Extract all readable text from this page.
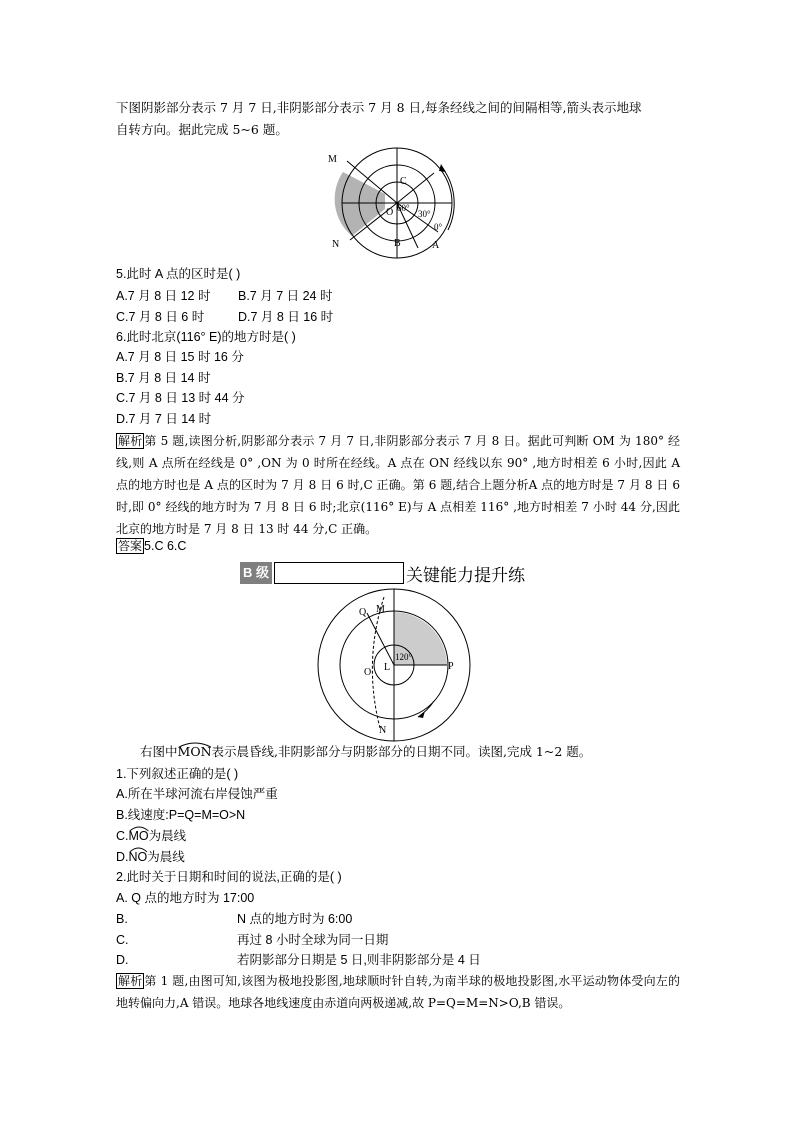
下图阴影部分表示 7 月 7 日,非阴影部分表示 7 月 8 日,每条经线之间的间隔相等,箭头表示地球
自转方向。据此完成 5~6 题。
M
N
C
O
B	A
60°
30°
0°
5.此时 A 点的区时是( )
A.7 月 8 日 12 时 B.7 月 7 日 24 时
C.7 月 8 日 6 时	D.7 月 8 日 16 时
6.此时北京(116° E)的地方时是( )
A.7 月 8 日 15 时 16 分
B.7 月 8 日 14 时
C.7 月 8 日 13 时 44 分
D.7 月 7 日 14 时
解析 第 5 题,读图分析,阴影部分表示 7 月 7 日,非阴影部分表示 7 月 8 日。据此可判断 OM 为 180° 经线,则 A 点所在经线是 0° ,ON 为 0 时所在经线。A 点在 ON 经线以东 90° ,地方时相差 6 小时,因此 A 点的地方时也是 A 点的区时为 7 月 8 日 6 时,C 正确。第 6 题,结合上题分析A 点的地方时是 7 月 8 日 6 时,即 0° 经线的地方时为 7 月 8 日 6 时;北京(116° E)与 A 点相差 116° ,地方时相差 7 小时 44 分,因此北京的地方时是 7 月 8 日 13 时 44 分,C 正确。
答案 5.C 6.C
B 级	关键能力提升练
Q M
O L	P
N
120°
右图中
MON表示晨昏线,非阴影部分与阴影部分的日期不同。读图,完成 1~2 题。
1.下列叙述正确的是( )
A.所在半球河流右岸侵蚀严重
B.线速度:P=Q=M=O>N
C.
MO为晨线
D.
NO为晨线
2.此时关于日期和时间的说法,正确的是( )
A. Q 点的地方时为 17:00
B.	N 点的地方时为 6:00
C.	再过 8 小时全球为同一日期
D.	若阴影部分日期是 5 日,则非阴影部分是 4 日
解析 第 1 题,由图可知,该图为极地投影图,地球顺时针自转,为南半球的极地投影图,水平运动物体受向左的地转偏向力,A 错误。地球各地线速度由赤道向两极递减,故 P=Q=M=N>O,B 错误。
